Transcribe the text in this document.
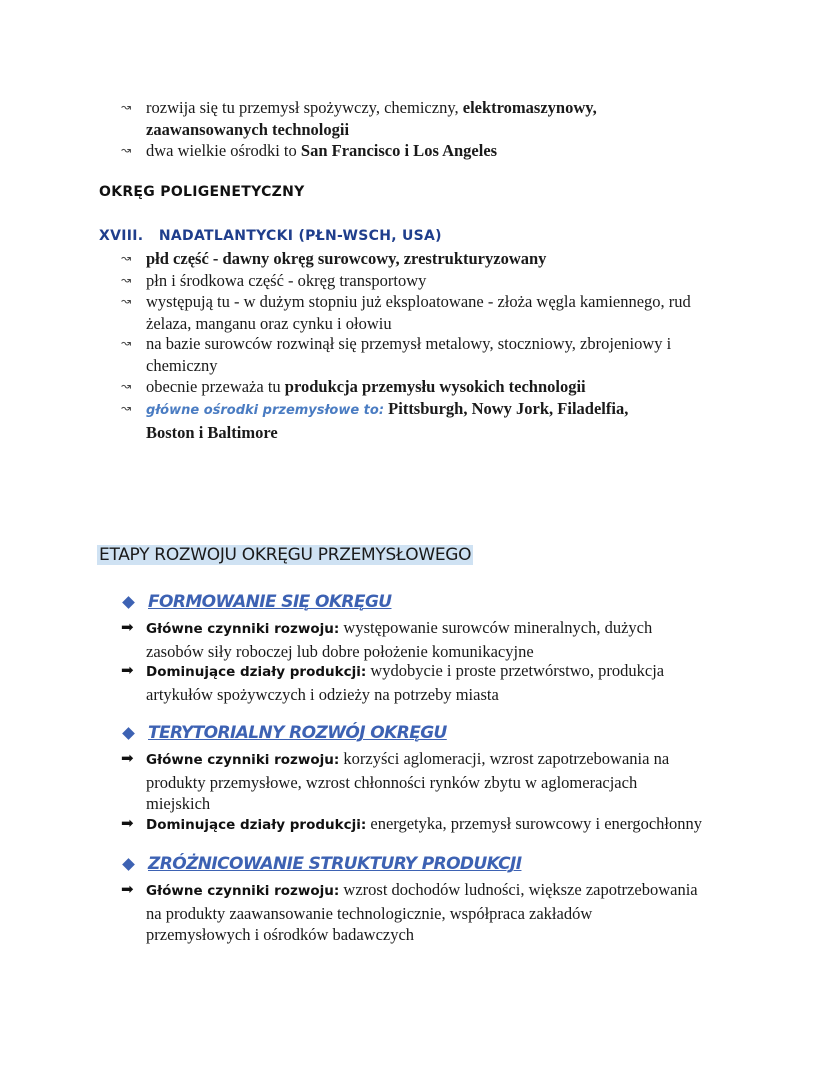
↝ rozwija się tu przemysł spożywczy, chemiczny, elektromaszynowy,
zaawansowanych technologii
↝ dwa wielkie ośrodki to San Francisco i Los Angeles
OKRĘG POLIGENETYCZNY
XVIII. NADATLANTYCKI (PŁN-WSCH, USA)
↝ płd część - dawny okręg surowcowy, zrestrukturyzowany
↝ płn i środkowa część - okręg transportowy
↝ występują tu - w dużym stopniu już eksploatowane - złoża węgla kamiennego, rud
żelaza, manganu oraz cynku i ołowiu
↝ na bazie surowców rozwinął się przemysł metalowy, stoczniowy, zbrojeniowy i
chemiczny
↝ obecnie przeważa tu produkcja przemysłu wysokich technologii
↝ główne ośrodki przemysłowe to: Pittsburgh, Nowy Jork, Filadelfia,
Boston i Baltimore
ETAPY ROZWOJU OKRĘGU PRZEMYSŁOWEGO
FORMOWANIE SIĘ OKRĘGU
➡ Główne czynniki rozwoju: występowanie surowców mineralnych, dużych
zasobów siły roboczej lub dobre położenie komunikacyjne
➡ Dominujące działy produkcji: wydobycie i proste przetwórstwo, produkcja
artykułów spożywczych i odzieży na potrzeby miasta
TERYTORIALNY ROZWÓJ OKRĘGU
➡ Główne czynniki rozwoju: korzyści aglomeracji, wzrost zapotrzebowania na
produkty przemysłowe, wzrost chłonności rynków zbytu w aglomeracjach
miejskich
➡ Dominujące działy produkcji: energetyka, przemysł surowcowy i energochłonny
ZRÓŻNICOWANIE STRUKTURY PRODUKCJI
➡ Główne czynniki rozwoju: wzrost dochodów ludności, większe zapotrzebowania
na produkty zaawansowanie technologicznie, współpraca zakładów
przemysłowych i ośrodków badawczych
